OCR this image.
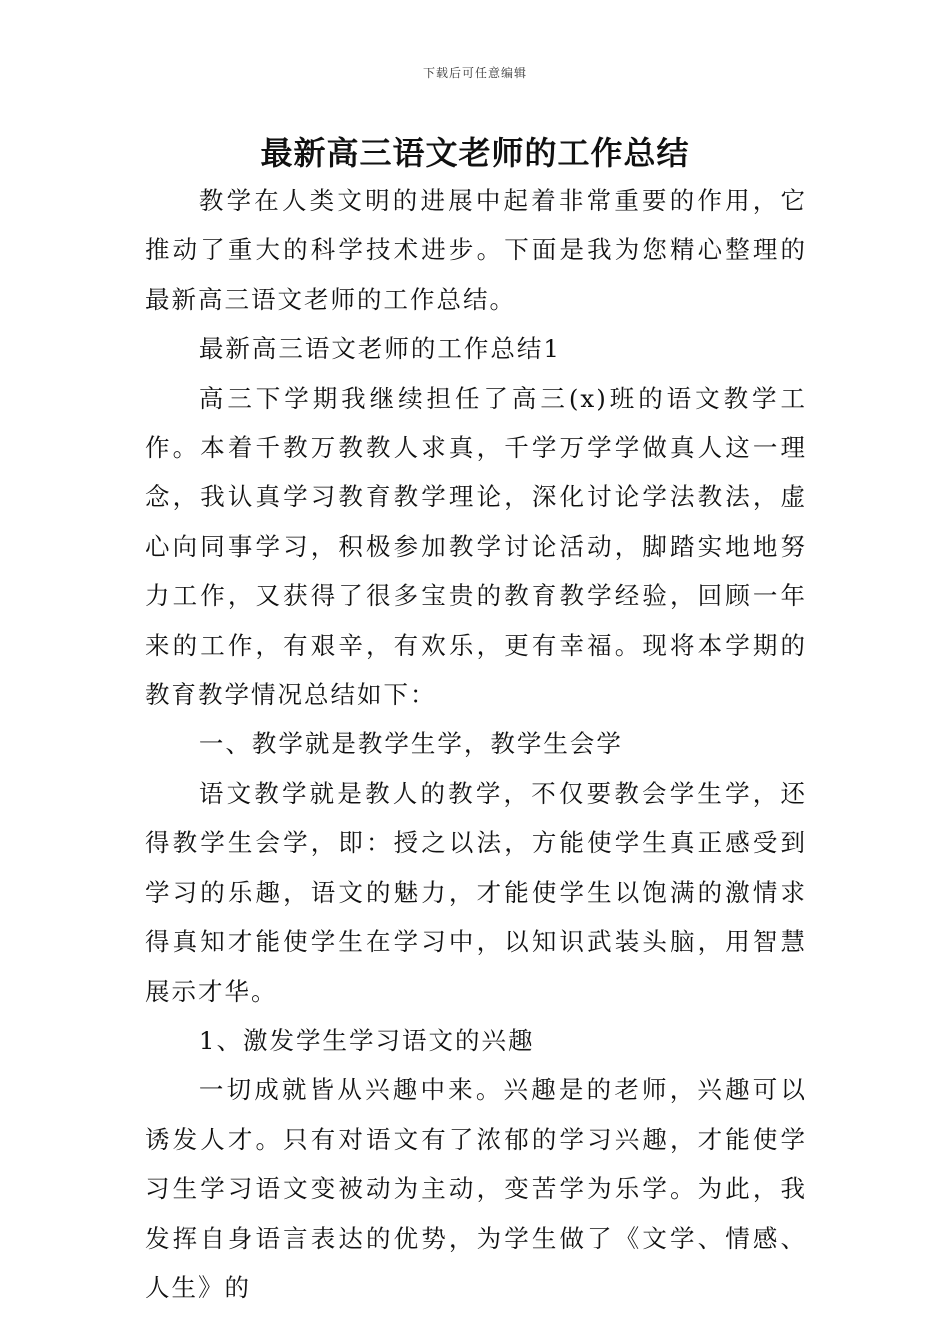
下载后可任意编辑
最新高三语文老师的工作总结

教学在人类文明的进展中起着非常重要的作用，它推动了重大的科学技术进步。下面是我为您精心整理的最新高三语文老师的工作总结。

最新高三语文老师的工作总结1

高三下学期我继续担任了高三(x)班的语文教学工作。本着千教万教教人求真，千学万学学做真人这一理念，我认真学习教育教学理论，深化讨论学法教法，虚心向同事学习，积极参加教学讨论活动，脚踏实地地努力工作，又获得了很多宝贵的教育教学经验，回顾一年来的工作，有艰辛，有欢乐，更有幸福。现将本学期的教育教学情况总结如下：

一、教学就是教学生学，教学生会学

语文教学就是教人的教学，不仅要教会学生学，还得教学生会学，即：授之以法，方能使学生真正感受到学习的乐趣，语文的魅力，才能使学生以饱满的激情求得真知才能使学生在学习中，以知识武装头脑，用智慧展示才华。

1、激发学生学习语文的兴趣

一切成就皆从兴趣中来。兴趣是的老师，兴趣可以诱发人才。只有对语文有了浓郁的学习兴趣，才能使学习生学习语文变被动为主动，变苦学为乐学。为此，我发挥自身语言表达的优势，为学生做了《文学、情感、人生》的
